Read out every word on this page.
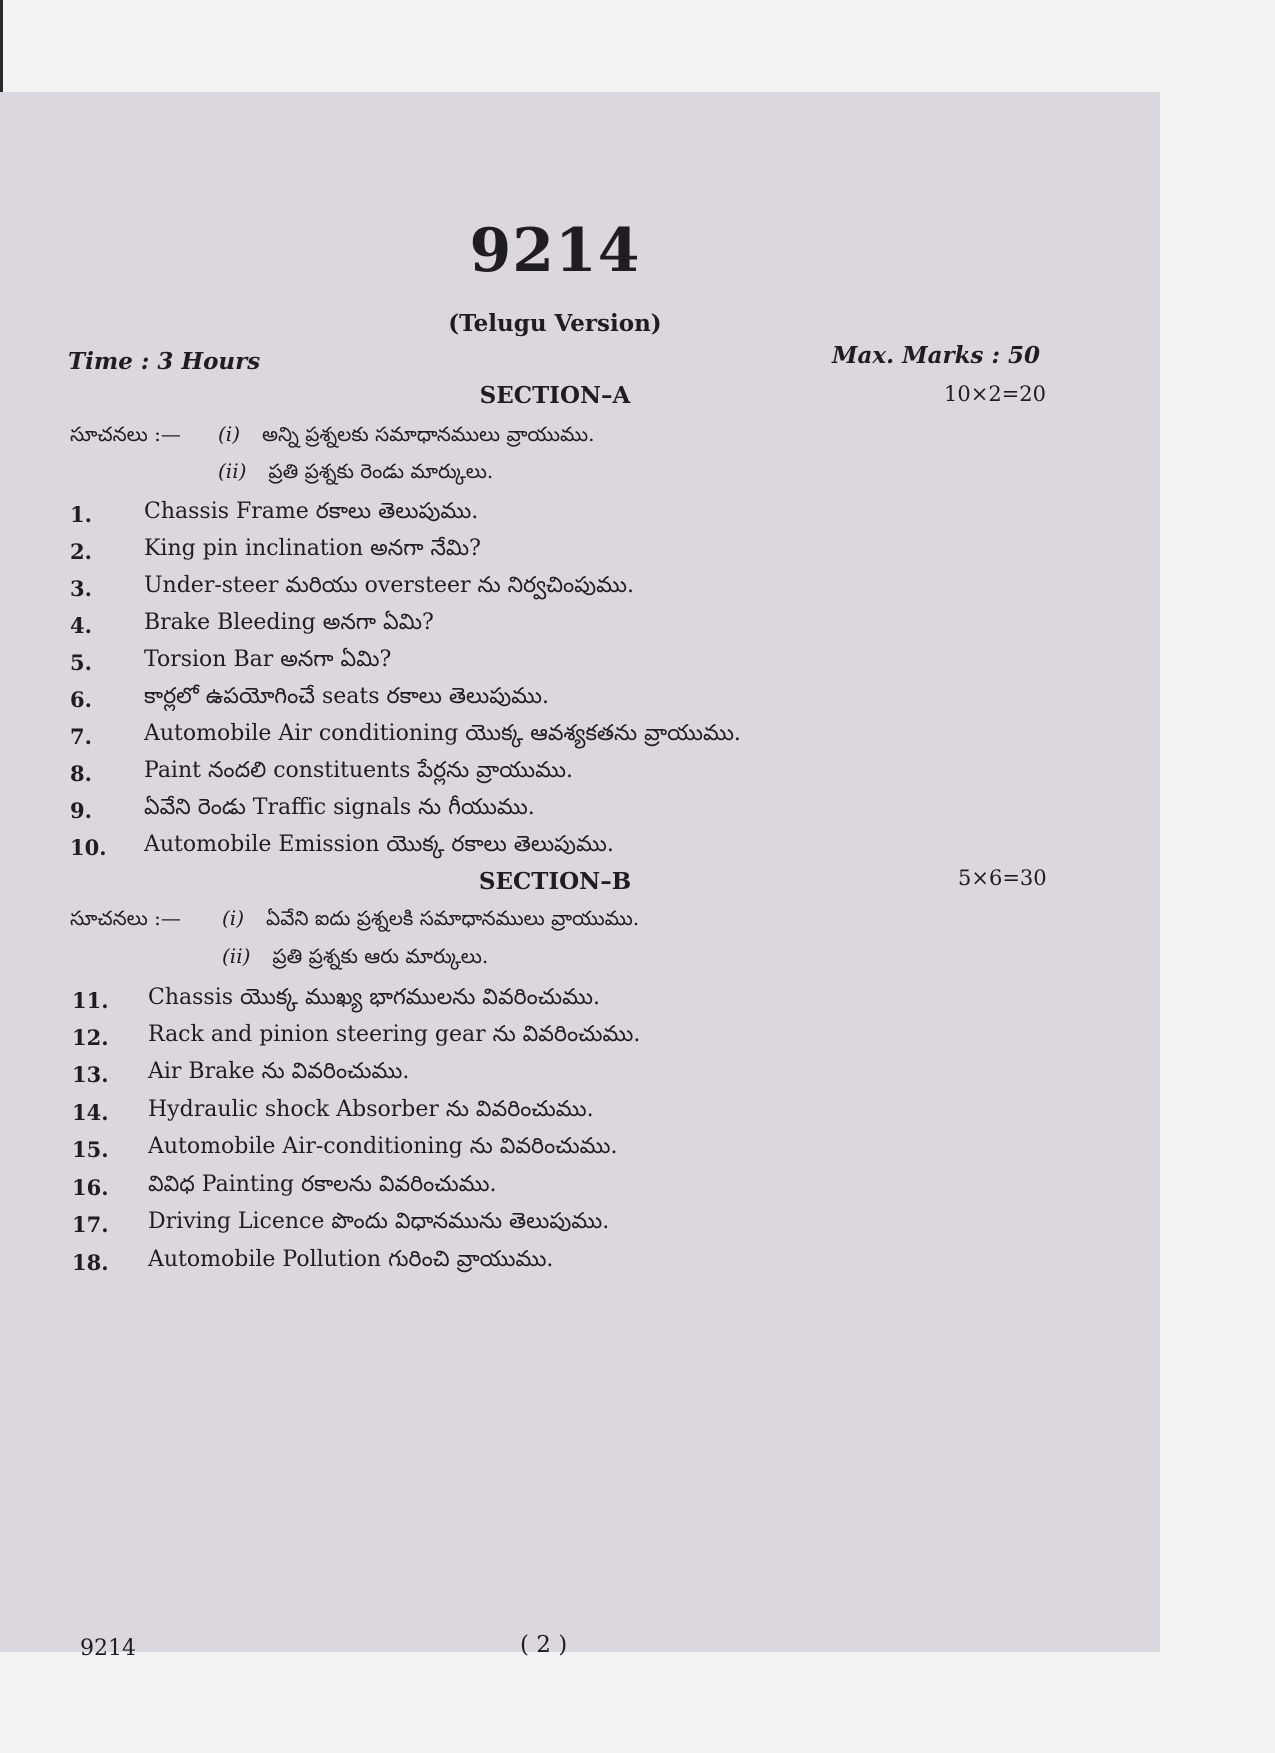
9214
(Telugu Version)
Time : 3 Hours	Max. Marks : 50
SECTION–A	10×2=20
సూచనలు :— (i) అన్ని ప్రశ్నలకు సమాధానములు వ్రాయుము.
(ii) ప్రతి ప్రశ్నకు రెండు మార్కులు.
1. Chassis Frame రకాలు తెలుపుము.
2. King pin inclination అనగా నేమి?
3. Under-steer మరియు oversteer ను నిర్వచింపుము.
4. Brake Bleeding అనగా ఏమి?
5. Torsion Bar అనగా ఏమి?
6. కార్లలో ఉపయోగించే seats రకాలు తెలుపుము.
7. Automobile Air conditioning యొక్క ఆవశ్యకతను వ్రాయుము.
8. Paint నందలి constituents పేర్లను వ్రాయుము.
9. ఏవేని రెండు Traffic signals ను గీయుము.
10. Automobile Emission యొక్క రకాలు తెలుపుము.
SECTION–B	5×6=30
సూచనలు :— (i) ఏవేని ఐదు ప్రశ్నలకి సమాధానములు వ్రాయుము.
(ii) ప్రతి ప్రశ్నకు ఆరు మార్కులు.
11. Chassis యొక్క ముఖ్య భాగములను వివరించుము.
12. Rack and pinion steering gear ను వివరించుము.
13. Air Brake ను వివరించుము.
14. Hydraulic shock Absorber ను వివరించుము.
15. Automobile Air-conditioning ను వివరించుము.
16. వివిధ Painting రకాలను వివరించుము.
17. Driving Licence పొందు విధానమును తెలుపుము.
18. Automobile Pollution గురించి వ్రాయుము.
9214	( 2 )
